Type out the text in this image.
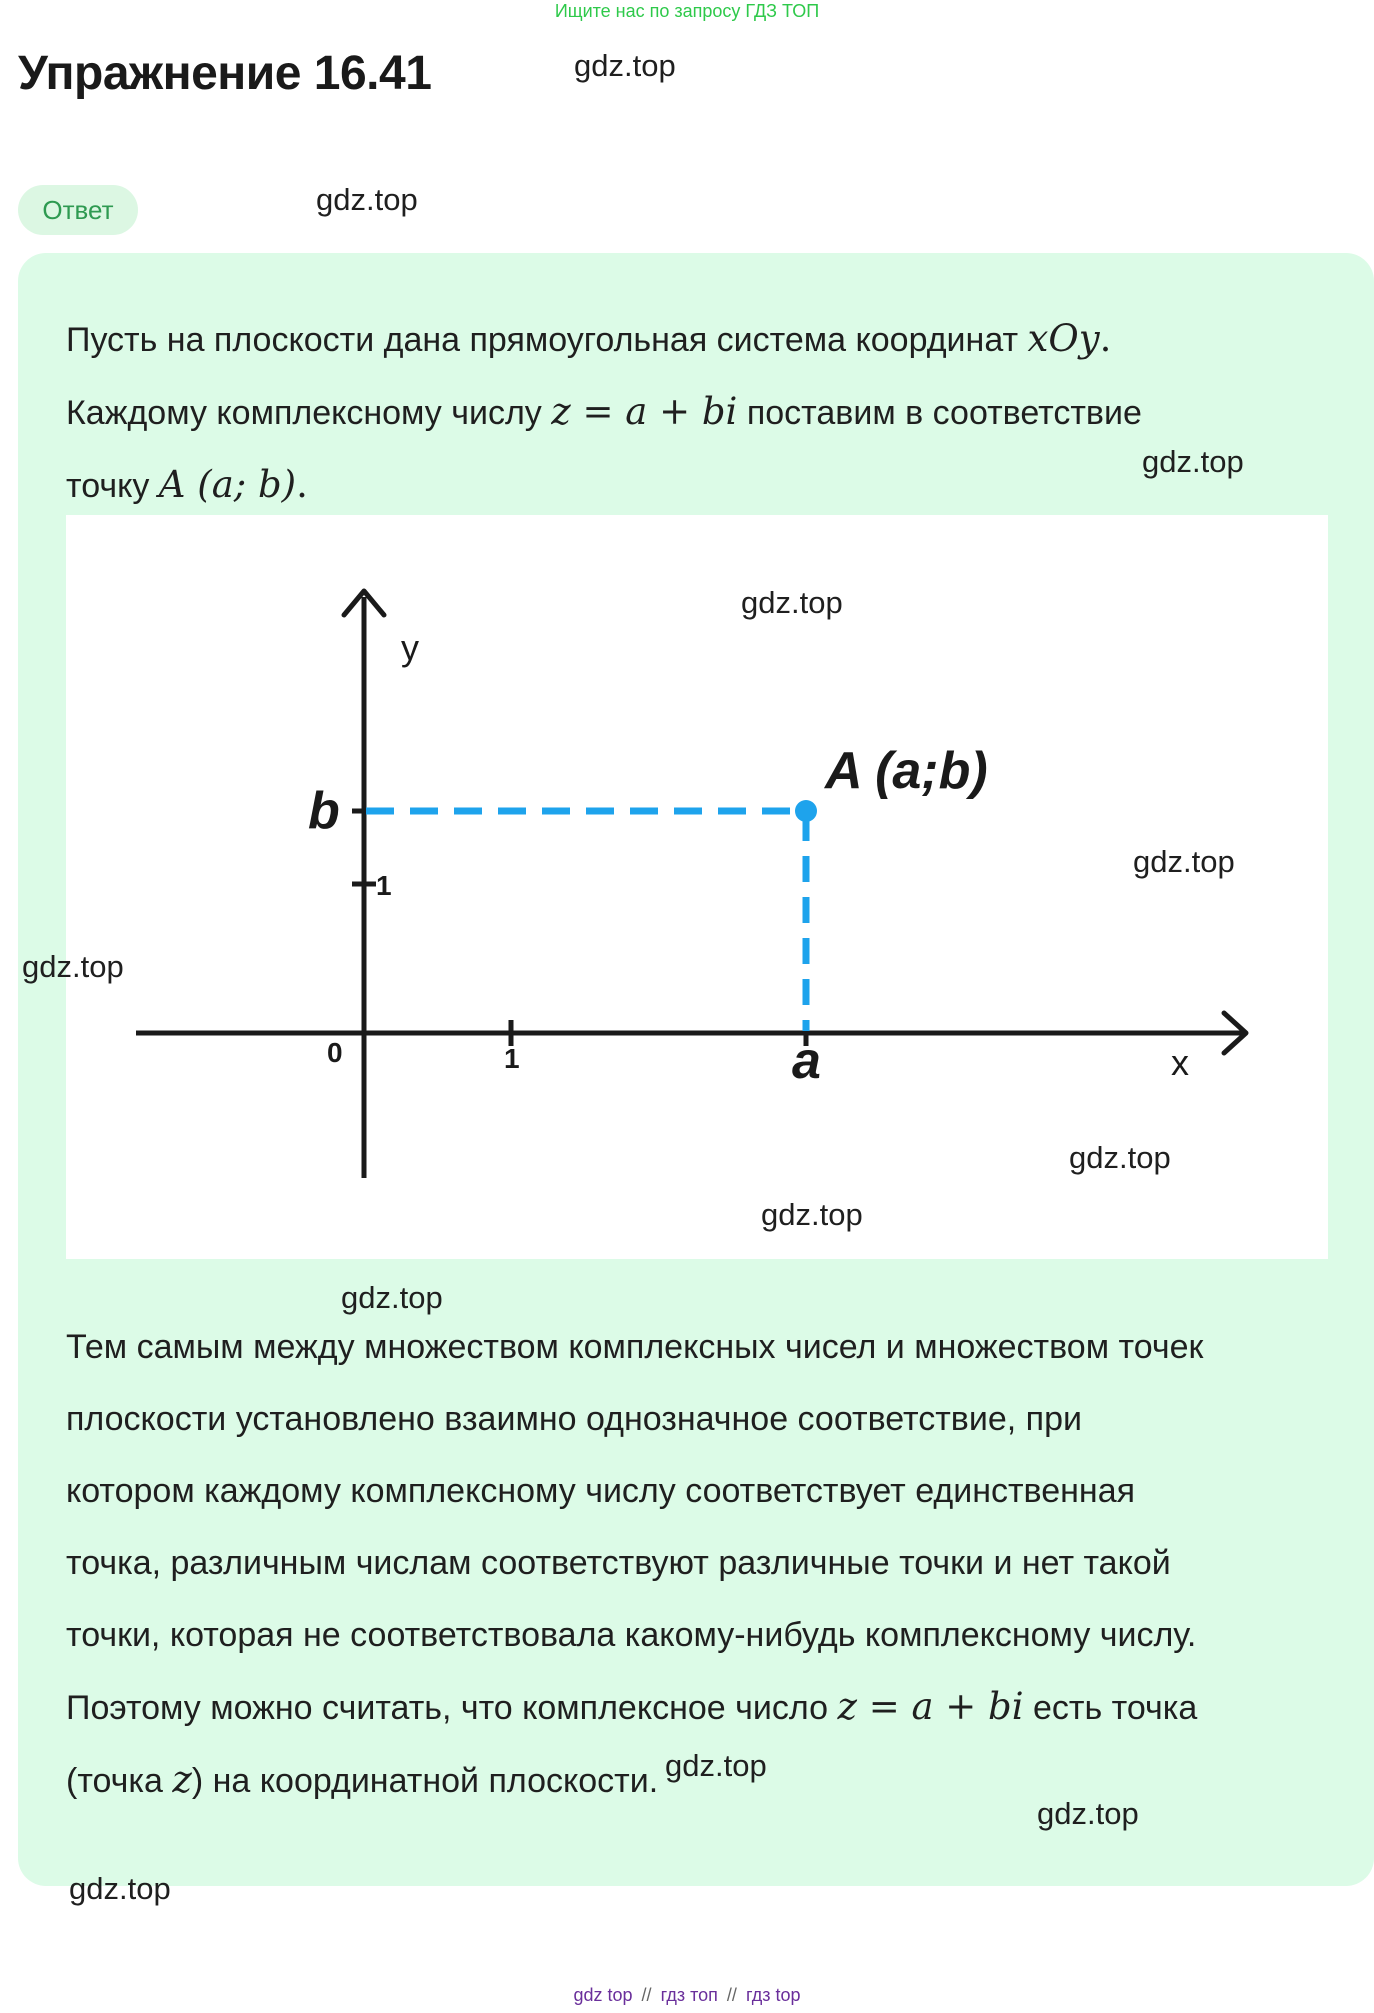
Ищите нас по запросу ГДЗ ТОП
Упражнение 16.41
Ответ
Пусть на плоскости дана прямоугольная система координат xOy.
Каждому комплексному числу z = a + bi поставим в соответствие
точку A (a; b).
y
x
b
a
0	1
1
A (a;b)
Тем самым между множеством комплексных чисел и множеством точек
плоскости установлено взаимно однозначное соответствие, при
котором каждому комплексному числу соответствует единственная
точка, различным числам соответствуют различные точки и нет такой
точки, которая не соответствовала какому-нибудь комплексному числу.
Поэтому можно считать, что комплексное число z = a + bi есть точка
(точка z) на координатной плоскости.
gdz.top
gdz.top
gdz.top
gdz.top
gdz.top
gdz.top
gdz.top
gdz.top
gdz.top
gdz.top
gdz.top
gdz.top
gdz top // гдз топ // гдз top
